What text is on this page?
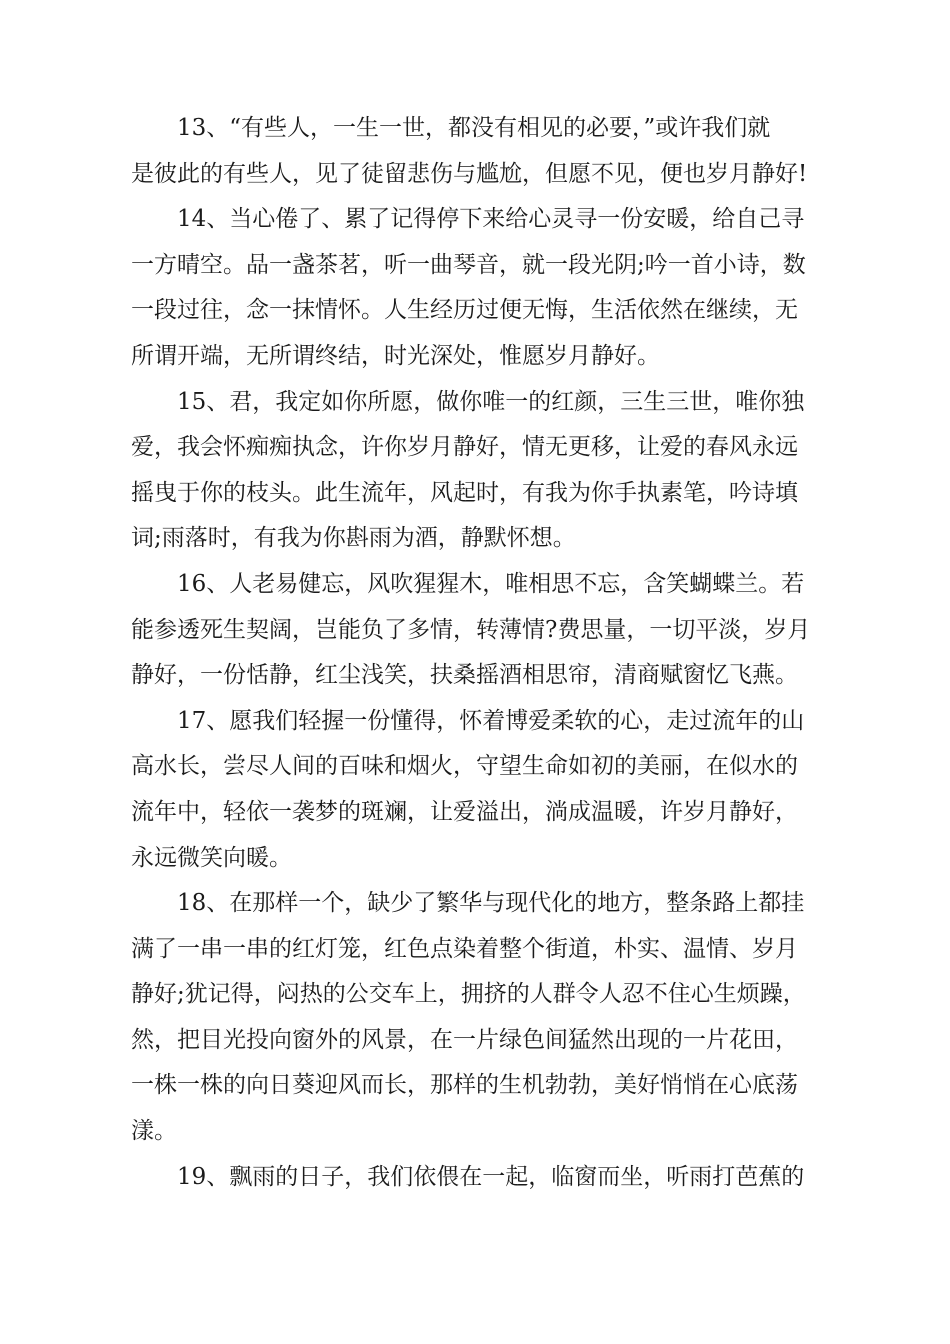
13、“有些人，一生一世，都没有相见的必要，”或许我们就
是彼此的有些人，见了徒留悲伤与尴尬，但愿不见，便也岁月静好!

14、当心倦了、累了记得停下来给心灵寻一份安暖，给自己寻
一方晴空。品一盏茶茗，听一曲琴音，就一段光阴;吟一首小诗，数
一段过往，念一抹情怀。人生经历过便无悔，生活依然在继续，无
所谓开端，无所谓终结，时光深处，惟愿岁月静好。

15、君，我定如你所愿，做你唯一的红颜，三生三世，唯你独
爱，我会怀痴痴执念，许你岁月静好，情无更移，让爱的春风永远
摇曳于你的枝头。此生流年，风起时，有我为你手执素笔，吟诗填
词;雨落时，有我为你斟雨为酒，静默怀想。

16、人老易健忘，风吹猩猩木，唯相思不忘，含笑蝴蝶兰。若
能参透死生契阔，岂能负了多情，转薄情?费思量，一切平淡，岁月
静好，一份恬静，红尘浅笑，扶桑摇酒相思帘，清商赋窗忆飞燕。

17、愿我们轻握一份懂得，怀着博爱柔软的心，走过流年的山
高水长，尝尽人间的百味和烟火，守望生命如初的美丽，在似水的
流年中，轻依一袭梦的斑斓，让爱溢出，淌成温暖，许岁月静好，
永远微笑向暖。

18、在那样一个，缺少了繁华与现代化的地方，整条路上都挂
满了一串一串的红灯笼，红色点染着整个街道，朴实、温情、岁月
静好;犹记得，闷热的公交车上，拥挤的人群令人忍不住心生烦躁，
然，把目光投向窗外的风景，在一片绿色间猛然出现的一片花田，
一株一株的向日葵迎风而长，那样的生机勃勃，美好悄悄在心底荡
漾。

19、飘雨的日子，我们依偎在一起，临窗而坐，听雨打芭蕉的
